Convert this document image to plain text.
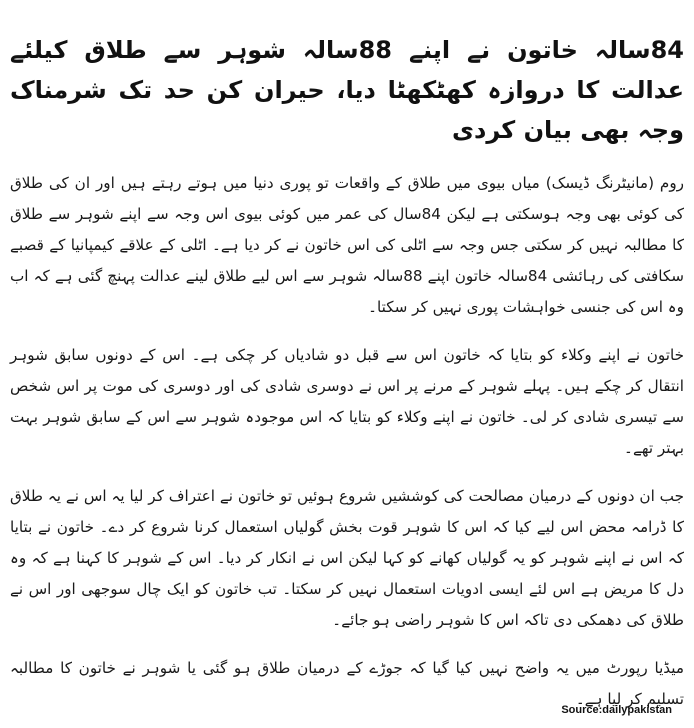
84سالہ خاتون نے اپنے 88سالہ شوہر سے طلاق کیلئے عدالت کا دروازہ کھٹکھٹا دیا، حیران کن حد تک شرمناک وجہ بھی بیان کردی

روم (مانیٹرنگ ڈیسک) میاں بیوی میں طلاق کے واقعات تو پوری دنیا میں ہوتے رہتے ہیں اور ان کی طلاق کی کوئی بھی وجہ ہوسکتی ہے لیکن 84سال کی عمر میں کوئی بیوی اس وجہ سے اپنے شوہر سے طلاق کا مطالبہ نہیں کر سکتی جس وجہ سے اٹلی کی اس خاتون نے کر دیا ہے۔ اٹلی کے علاقے کیمپانیا کے قصبے سکافتی کی رہائشی 84سالہ خاتون اپنے 88سالہ شوہر سے اس لیے طلاق لینے عدالت پہنچ گئی ہے کہ اب وہ اس کی جنسی خواہشات پوری نہیں کر سکتا۔

خاتون نے اپنے وکلاء کو بتایا کہ خاتون اس سے قبل دو شادیاں کر چکی ہے۔ اس کے دونوں سابق شوہر انتقال کر چکے ہیں۔ پہلے شوہر کے مرنے پر اس نے دوسری شادی کی اور دوسری کی موت پر اس شخص سے تیسری شادی کر لی۔ خاتون نے اپنے وکلاء کو بتایا کہ اس موجودہ شوہر سے اس کے سابق شوہر بہت بہتر تھے۔

جب ان دونوں کے درمیان مصالحت کی کوششیں شروع ہوئیں تو خاتون نے اعتراف کر لیا یہ اس نے یہ طلاق کا ڈرامہ محض اس لیے کیا کہ اس کا شوہر قوت بخش گولیاں استعمال کرنا شروع کر دے۔ خاتون نے بتایا کہ اس نے اپنے شوہر کو یہ گولیاں کھانے کو کہا لیکن اس نے انکار کر دیا۔ اس کے شوہر کا کہنا ہے کہ وہ دل کا مریض ہے اس لئے ایسی ادویات استعمال نہیں کر سکتا۔ تب خاتون کو ایک چال سوجھی اور اس نے طلاق کی دھمکی دی تاکہ اس کا شوہر راضی ہو جائے۔

میڈیا رپورٹ میں یہ واضح نہیں کیا گیا کہ جوڑے کے درمیان طلاق ہو گئی یا شوہر نے خاتون کا مطالبہ تسلیم کر لیا ہے۔

Source:dailypakistan
